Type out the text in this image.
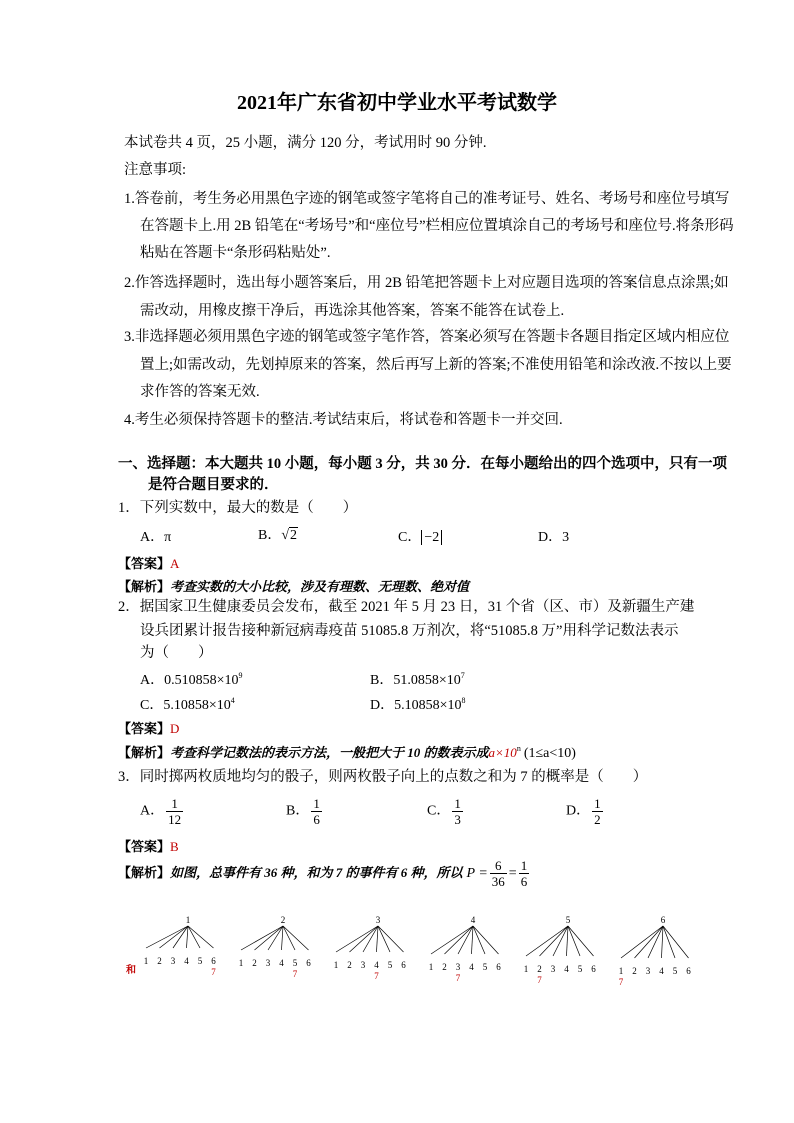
2021年广东省初中学业水平考试数学
本试卷共 4 页，25 小题，满分 120 分，考试用时 90 分钟.
注意事项:
1.答卷前，考生务必用黑色字迹的钢笔或签字笔将自己的准考证号、姓名、考场号和座位号填写
在答题卡上.用 2B 铅笔在“考场号”和“座位号”栏相应位置填涂自己的考场号和座位号.将条形码
粘贴在答题卡“条形码粘贴处”.
2.作答选择题时，选出每小题答案后，用 2B 铅笔把答题卡上对应题目选项的答案信息点涂黑;如
需改动，用橡皮擦干净后，再选涂其他答案，答案不能答在试卷上.
3.非选择题必须用黑色字迹的钢笔或签字笔作答，答案必须写在答题卡各题目指定区域内相应位
置上;如需改动，先划掉原来的答案，然后再写上新的答案;不准使用铅笔和涂改液.不按以上要
求作答的答案无效.
4.考生必须保持答题卡的整洁.考试结束后，将试卷和答题卡一并交回.
一、选择题：本大题共 10 小题，每小题 3 分，共 30 分．在每小题给出的四个选项中，只有一项
是符合题目要求的．
1．下列实数中，最大的数是（　　）
A．π	B．√2	C． −2	D．3
【答案】A
【解析】考查实数的大小比较，涉及有理数、无理数、绝对值
2．据国家卫生健康委员会发布，截至 2021 年 5 月 23 日，31 个省（区、市）及新疆生产建
设兵团累计报告接种新冠病毒疫苗 51085.8 万剂次，将“51085.8 万”用科学记数法表示
为（　　）
A．$0.510858\times 10^9$	B．$51.0858\times 10^7$
C．$5.10858\times 10^4$	D．$5.10858\times 10^8$
【答案】D
【解析】考查科学记数法的表示方法，一般把大于 10 的数表示成$a\times 10^n$ (1≤a<10)
3．同时掷两枚质地均匀的骰子，则两枚骰子向上的点数之和为 7 的概率是（　　）
A． $\frac{1}{12}$	B． $\frac{1}{6}$	C． $\frac{1}{3}$	D． $\frac{1}{2}$
【答案】B
【解析】如图，总事件有 36 种，和为 7 的事件有 6 种，所以 $P = \frac{6}{36} = \frac{1}{6}$
1
1 2 3 4 5 6
7
2
1 2 3 4 5
7
6
3
1 2 3 4
7
5 6
4
1 2 3
7
4 5 6
5
1 2
7
3 4 5 6
6
1
7
2 3 4 5 6
和
